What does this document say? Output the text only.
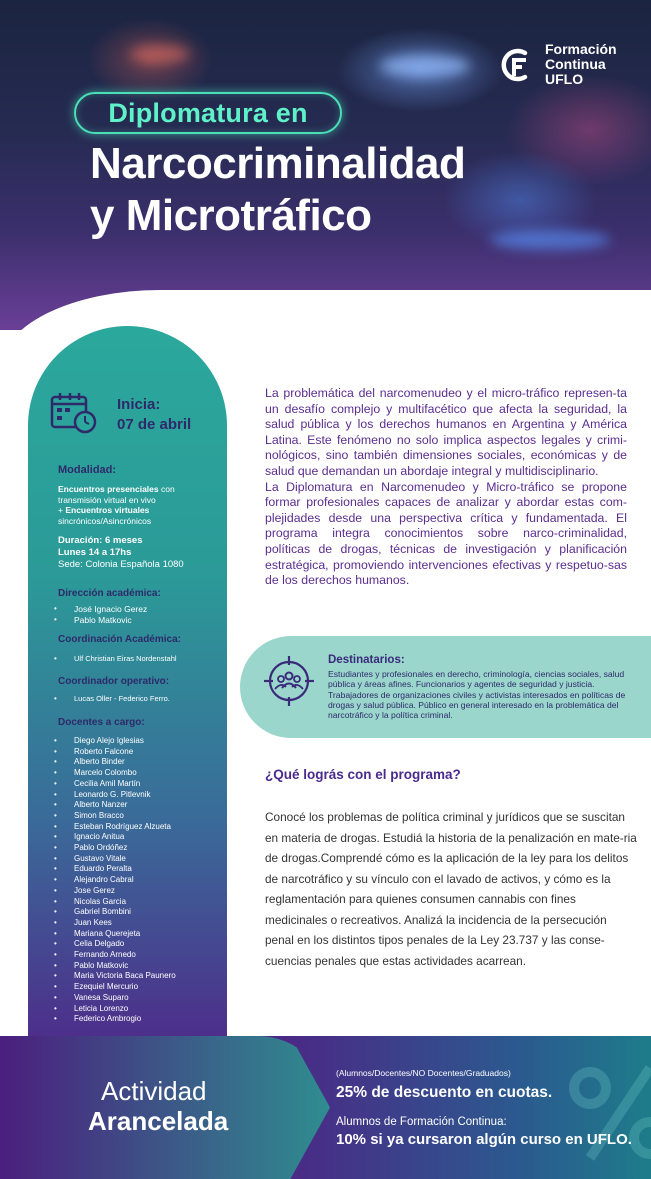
Formación
Continua
UFLO
Diplomatura en
Narcocriminalidad
y Microtráfico
Inicia:
07 de abril
Modalidad:
Encuentros presenciales con
transmisión virtual en vivo
+ Encuentros virtuales
sincrónicos/Asincrónicos
Duración: 6 meses
Lunes 14 a 17hs
Sede: Colonia Española 1080
Dirección académica:
•	José Ignacio Gerez
•	Pablo Matkovic
Coordinación Académica:
•	Ulf Christian Eiras Nordenstahl
Coordinador operativo:
•	Lucas Oller - Federico Ferro.
Docentes a cargo:
•	Diego Alejo Iglesias
•	Roberto Falcone
•	Alberto Binder
•	Marcelo Colombo
•	Cecilia Amil Martín
•	Leonardo G. Pitlevnik
•	Alberto Nanzer
•	Simon Bracco
•	Esteban Rodríguez Alzueta
•	Ignacio Anitua
•	Pablo Ordóñez
•	Gustavo Vitale
•	Eduardo Peralta
•	Alejandro Cabral
•	Jose Gerez
•	Nicolas Garcia
•	Gabriel Bombini
•	Juan Kees
•	Mariana Querejeta
•	Celia Delgado
•	Fernando Arnedo
•	Pablo Matkovic
•	Maria Victoria Baca Paunero
•	Ezequiel Mercurio
•	Vanesa Suparo
•	Leticia Lorenzo
•	Federico Ambrogio
La problemática del narcomenudeo y el micro-tráfico represen-ta un desafío complejo y multifacético que afecta la seguridad, la salud pública y los derechos humanos en Argentina y América Latina. Este fenómeno no solo implica aspectos legales y crimi-nológicos, sino también dimensiones sociales, económicas y de salud que demandan un abordaje integral y multidisciplinario.
La Diplomatura en Narcomenudeo y Micro-tráfico se propone formar profesionales capaces de analizar y abordar estas com-plejidades desde una perspectiva crítica y fundamentada. El programa integra conocimientos sobre narco-criminalidad, políticas de drogas, técnicas de investigación y planificación estratégica, promoviendo intervenciones efectivas y respetuo-sas de los derechos humanos.
Destinatarios:
Estudiantes y profesionales en derecho, criminología, ciencias sociales, salud pública y áreas afines. Funcionarios y agentes de seguridad y justicia. Trabajadores de organizaciones civiles y activistas interesados en políticas de drogas y salud pública. Público en general interesado en la problemática del narcotráfico y la política criminal.
¿Qué lográs con el programa?
Conocé los problemas de política criminal y jurídicos que se suscitan en materia de drogas. Estudiá la historia de la penalización en mate-ria de drogas.Comprendé cómo es la aplicación de la ley para los delitos de narcotráfico y su vínculo con el lavado de activos, y cómo es la reglamentación para quienes consumen cannabis con fines medicinales o recreativos. Analizá la incidencia de la persecución penal en los distintos tipos penales de la Ley 23.737 y las conse-cuencias penales que estas actividades acarrean.
Actividad
Arancelada
(Alumnos/Docentes/NO Docentes/Graduados)
25% de descuento en cuotas.
Alumnos de Formación Continua:
10% si ya cursaron algún curso en UFLO.
